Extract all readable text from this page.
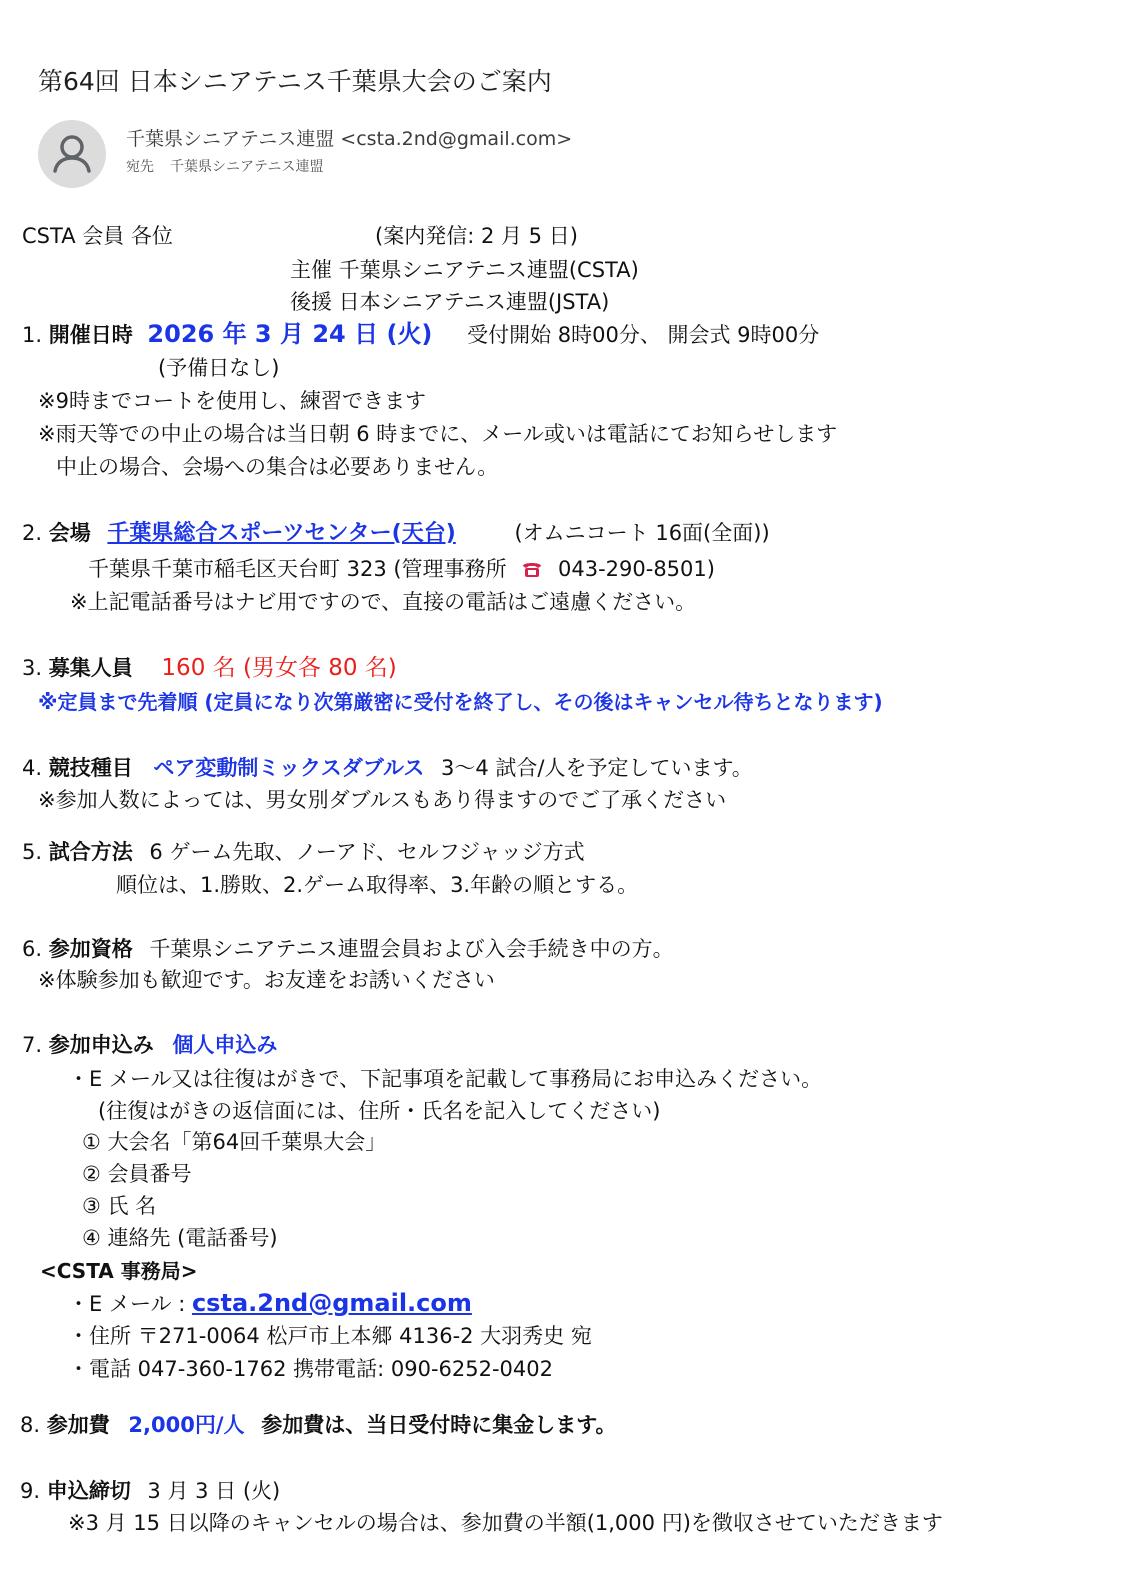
第64回 日本シニアテニス千葉県大会のご案内
千葉県シニアテニス連盟 <csta.2nd@gmail.com>
宛先 千葉県シニアテニス連盟
CSTA 会員 各位	(案内発信: 2 月 5 日)
主催 千葉県シニアテニス連盟(CSTA)
後援 日本シニアテニス連盟(JSTA)
1. 開催日時 2026 年 3 月 24 日 (火) 受付開始 8時00分、 開会式 9時00分
(予備日なし)
※9時までコートを使用し、練習できます
※雨天等での中止の場合は当日朝 6 時までに、メール或いは電話にてお知らせします
中止の場合、会場への集合は必要ありません。
2. 会場 千葉県総合スポーツセンター(天台)	(オムニコート 16面(全面))
千葉県千葉市稲毛区天台町 323 (管理事務所 043-290-8501)
※上記電話番号はナビ用ですので、直接の電話はご遠慮ください。
3. 募集人員 160 名 (男女各 80 名)
※定員まで先着順 (定員になり次第厳密に受付を終了し、その後はキャンセル待ちとなります)
4. 競技種目 ペア変動制ミックスダブルス 3〜4 試合/人を予定しています。
※参加人数によっては、男女別ダブルスもあり得ますのでご了承ください
5. 試合方法 6 ゲーム先取、ノーアド、セルフジャッジ方式
順位は、1.勝敗、2.ゲーム取得率、3.年齢の順とする。
6. 参加資格 千葉県シニアテニス連盟会員および入会手続き中の方。
※体験参加も歓迎です。お友達をお誘いください
7. 参加申込み 個人申込み
・E メール又は往復はがきで、下記事項を記載して事務局にお申込みください。
(往復はがきの返信面には、住所・氏名を記入してください)
① 大会名「第64回千葉県大会」
② 会員番号
③ 氏 名
④ 連絡先 (電話番号)
<CSTA 事務局>
・E メール : csta.2nd@gmail.com
・住所 〒271-0064 松戸市上本郷 4136-2 大羽秀史 宛
・電話 047-360-1762 携帯電話: 090-6252-0402
8. 参加費 2,000円/人 参加費は、当日受付時に集金します。
9. 申込締切 3 月 3 日 (火)
※3 月 15 日以降のキャンセルの場合は、参加費の半額(1,000 円)を徴収させていただきます
